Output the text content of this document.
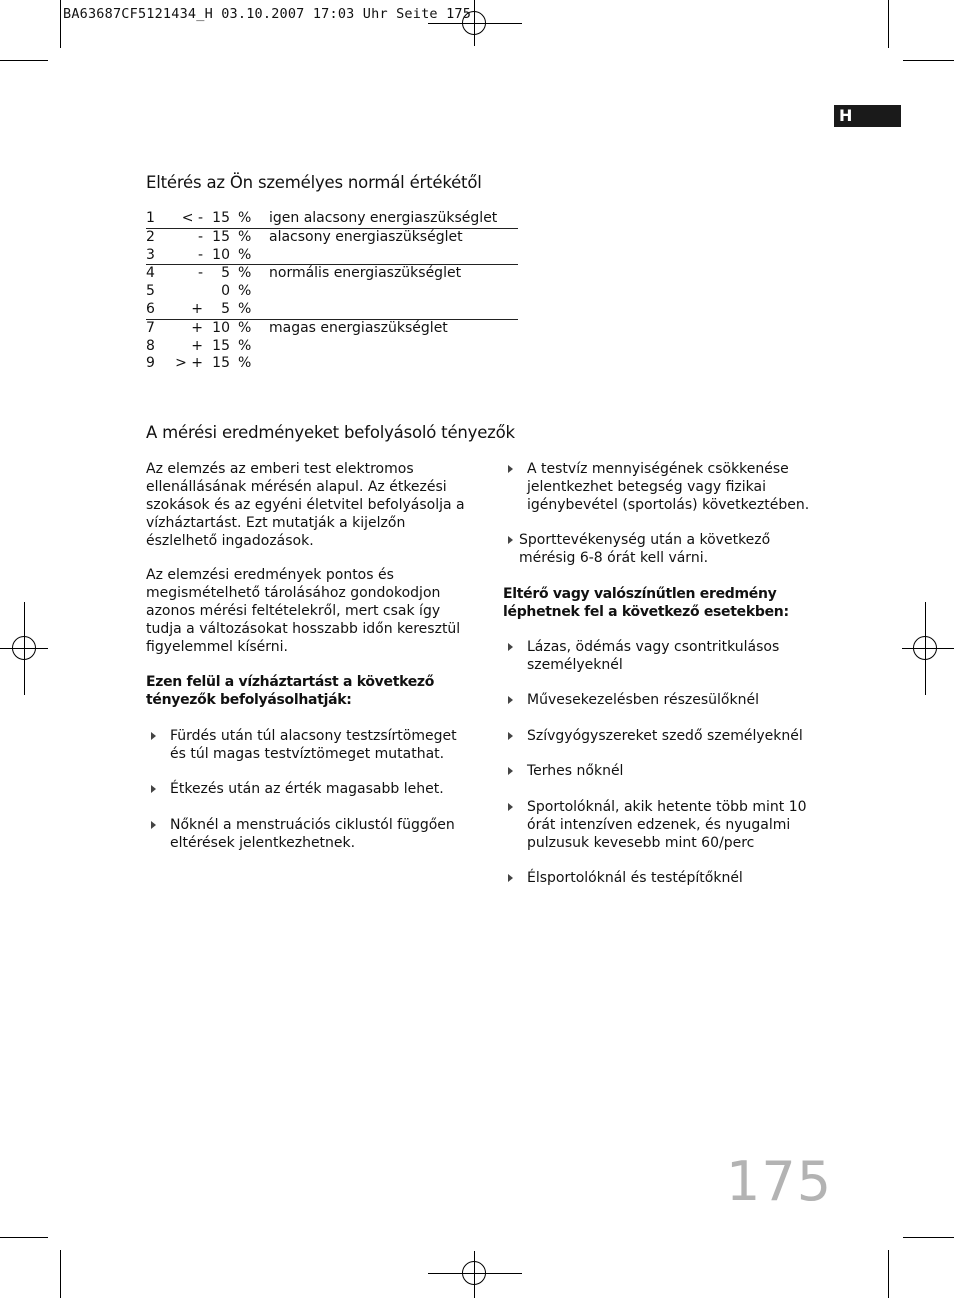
BA63687CF5121434_H 03.10.2007 17:03 Uhr Seite 175
H
Eltérés az Ön személyes normál értékétől
1	< - 15 % igen alacsony energiaszükséglet
2	- 15 % alacsony energiaszükséglet
3	- 10 %
4	-	5 % normális energiaszükséglet
5	0 %
6	+	5 %
7	+ 10 % magas energiaszükséglet
8	+ 15 %
9	> + 15 %
A mérési eredményeket befolyásoló tényezők

Az elemzés az emberi test elektromos ellenállásának mérésén alapul. Az étkezési szokások és az egyéni életvitel befolyásolja a vízháztartást. Ezt mutatják a kijelzőn észlelhető ingadozások.

Az elemzési eredmények pontos és megismételhető tárolásához gondokodjon azonos mérési feltételekről, mert csak így tudja a változásokat hosszabb időn keresztül figyelemmel kísérni.

Ezen felül a vízháztartást a következő tényezők befolyásolhatják:

Fürdés után túl alacsony testzsírtömeget és túl magas testvíztömeget mutathat.
Étkezés után az érték magasabb lehet.
Nőknél a menstruációs ciklustól függően eltérések jelentkezhetnek.
A testvíz mennyiségének csökkenése jelentkezhet betegség vagy fizikai igénybevétel (sportolás) következtében.
Sporttevékenység után a következő mérésig 6-8 órát kell várni.

Eltérő vagy valószínűtlen eredmény léphetnek fel a következő esetekben:

Lázas, ödémás vagy csontritkulásos személyeknél
Művesekezelésben részesülőknél
Szívgyógyszereket szedő személyeknél
Terhes nőknél
Sportolóknál, akik hetente több mint 10 órát intenzíven edzenek, és nyugalmi pulzusuk kevesebb mint 60/perc
Élsportolóknál és testépítőknél
175
